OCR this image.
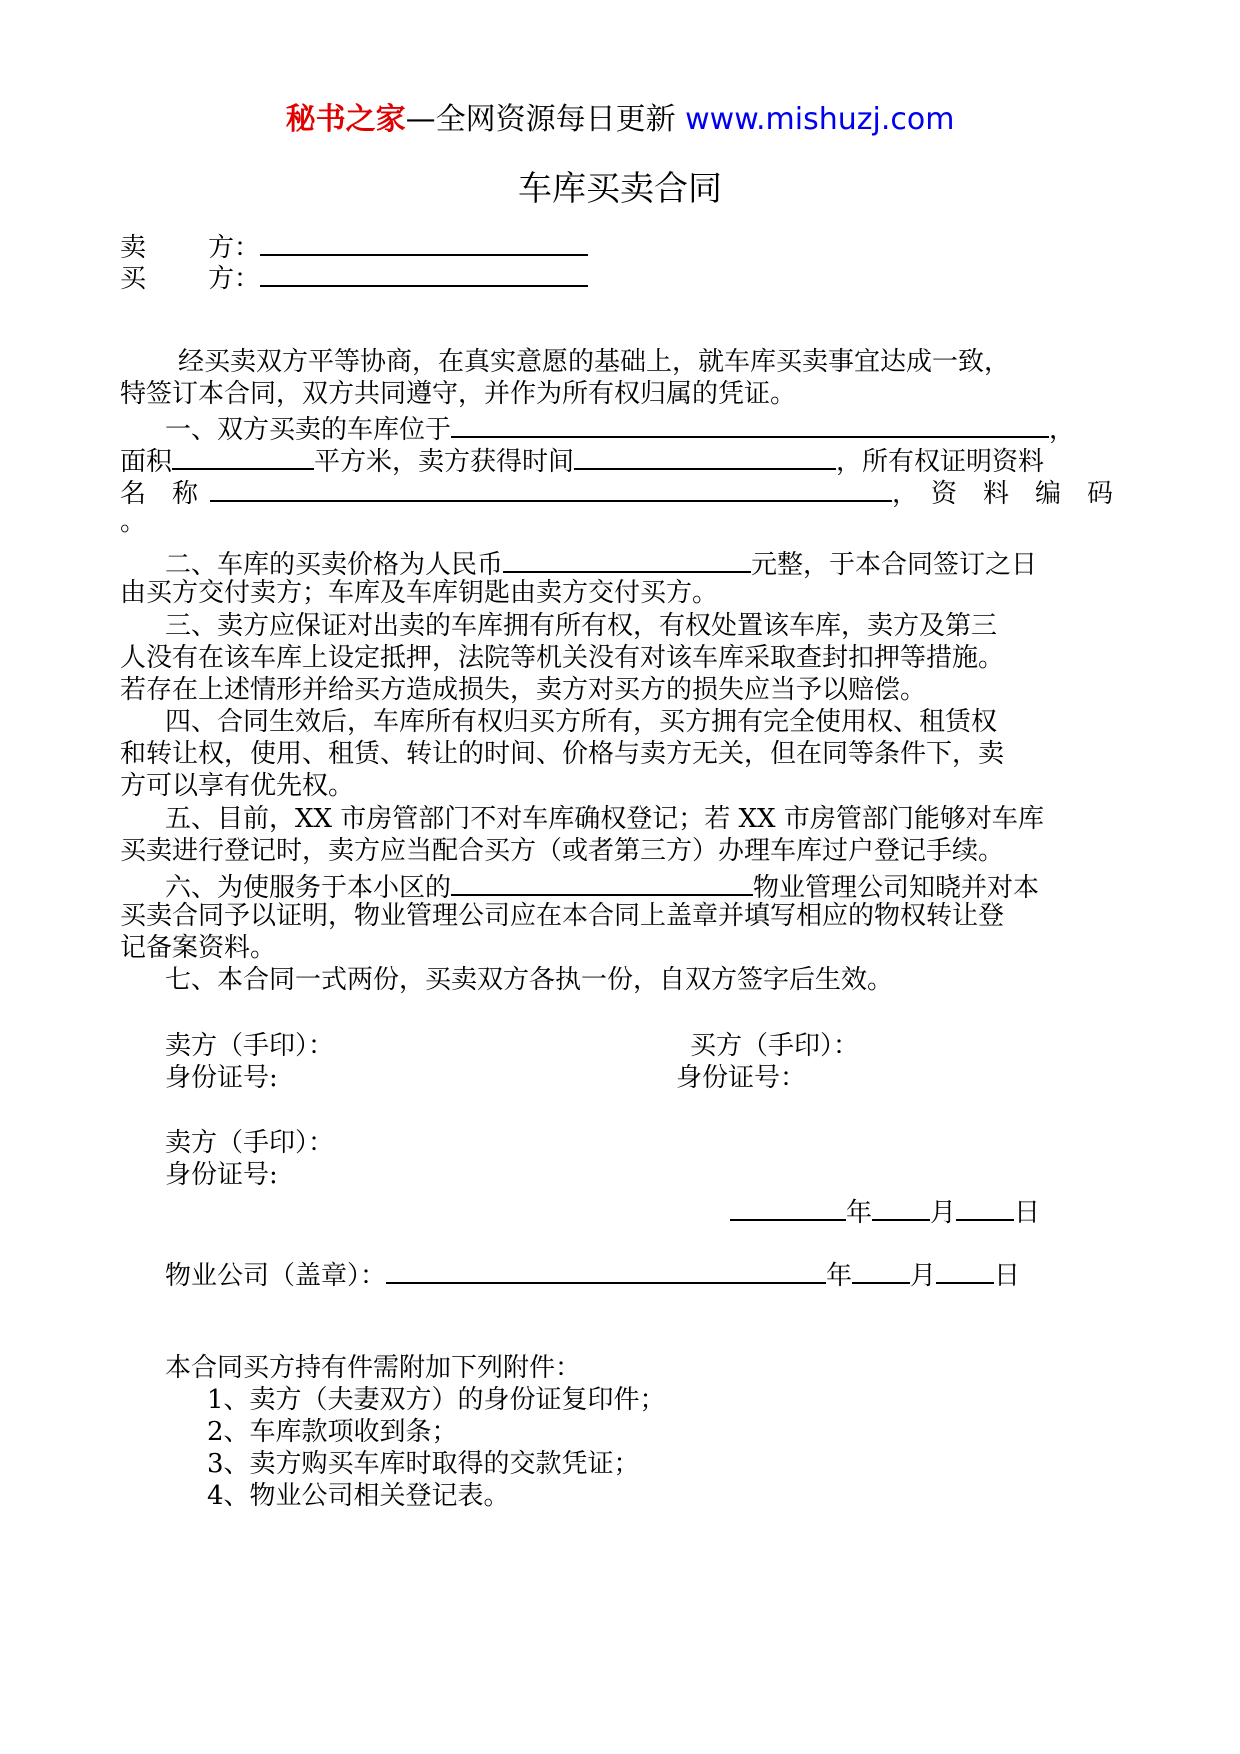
秘书之家—全网资源每日更新 www.mishuzj.com
车库买卖合同
卖 方：
买 方：
经买卖双方平等协商，在真实意愿的基础上，就车库买卖事宜达成一致，
特签订本合同，双方共同遵守，并作为所有权归属的凭证。
一、双方买卖的车库位于	，
面积	平方米，卖方获得时间	，所有权证明资料
名　称	，　资　料　编　码
。
二、车库的买卖价格为人民币	元整，于本合同签订之日
由买方交付卖方；车库及车库钥匙由卖方交付买方。
三、卖方应保证对出卖的车库拥有所有权，有权处置该车库，卖方及第三
人没有在该车库上设定抵押，法院等机关没有对该车库采取查封扣押等措施。
若存在上述情形并给买方造成损失，卖方对买方的损失应当予以赔偿。
四、合同生效后，车库所有权归买方所有，买方拥有完全使用权、租赁权
和转让权，使用、租赁、转让的时间、价格与卖方无关，但在同等条件下，卖
方可以享有优先权。
五、目前，XX 市房管部门不对车库确权登记；若 XX 市房管部门能够对车库
买卖进行登记时，卖方应当配合买方（或者第三方）办理车库过户登记手续。
六、为使服务于本小区的	物业管理公司知晓并对本
买卖合同予以证明，物业管理公司应在本合同上盖章并填写相应的物权转让登
记备案资料。
七、本合同一式两份，买卖双方各执一份，自双方签字后生效。
卖方（手印）：	买方（手印）：
身份证号:	身份证号：
卖方（手印）：
身份证号:
年 月 日
物业公司（盖章）：	年 月 日
本合同买方持有件需附加下列附件：
1、卖方（夫妻双方）的身份证复印件；
2、车库款项收到条；
3、卖方购买车库时取得的交款凭证；
4、物业公司相关登记表。
